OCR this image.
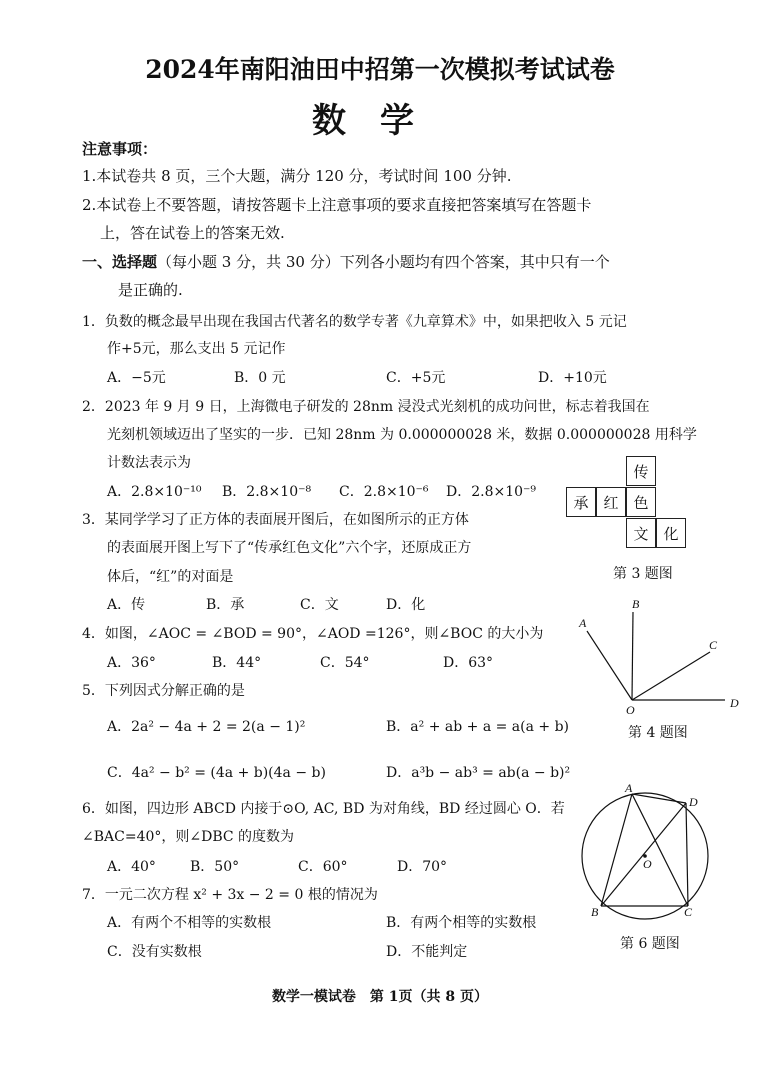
2024年南阳油田中招第一次模拟考试试卷
数学
注意事项：
1.本试卷共 8 页，三个大题，满分 120 分，考试时间 100 分钟.
2.本试卷上不要答题，请按答题卡上注意事项的要求直接把答案填写在答题卡
上，答在试卷上的答案无效.
一、选择题（每小题 3 分，共 30 分）下列各小题均有四个答案，其中只有一个
是正确的.
1．负数的概念最早出现在我国古代著名的数学专著《九章算术》中，如果把收入 5 元记
作+5元，那么支出 5 元记作
A．−5元	B．0 元	C．+5元	D．+10元
2．2023 年 9 月 9 日，上海微电子研发的 28nm 浸没式光刻机的成功问世，标志着我国在
光刻机领域迈出了坚实的一步．已知 28nm 为 0.000000028 米，数据 0.000000028 用科学
计数法表示为
A．2.8×10⁻¹⁰ B．2.8×10⁻⁸ C．2.8×10⁻⁶ D．2.8×10⁻⁹
传
承 红 色
文 化
第 3 题图
3．某同学学习了正方体的表面展开图后，在如图所示的正方体
的表面展开图上写下了“传承红色文化”六个字，还原成正方
体后，“红”的对面是
A．传	B．承	C．文	D．化
4．如图，∠AOC = ∠BOD = 90°，∠AOD =126°，则∠BOC 的大小为
A．36°	B．44°	C．54°	D．63°
A
B
C
D
O
第 4 题图
5．下列因式分解正确的是
A．2a² − 4a + 2 = 2(a − 1)²	B．a² + ab + a = a(a + b)
C．4a² − b² = (4a + b)(4a − b)	D．a³b − ab³ = ab(a − b)²
6．如图，四边形 ABCD 内接于⊙O, AC, BD 为对角线，BD 经过圆心 O．若
∠BAC=40°，则∠DBC 的度数为
A．40° B．50°	C．60°	D．70°
A
B	C
D
O
第 6 题图
7．一元二次方程 x² + 3x − 2 = 0 根的情况为
A．有两个不相等的实数根	B．有两个相等的实数根
C．没有实数根	D．不能判定
数学一模试卷　第 1页（共 8 页）
